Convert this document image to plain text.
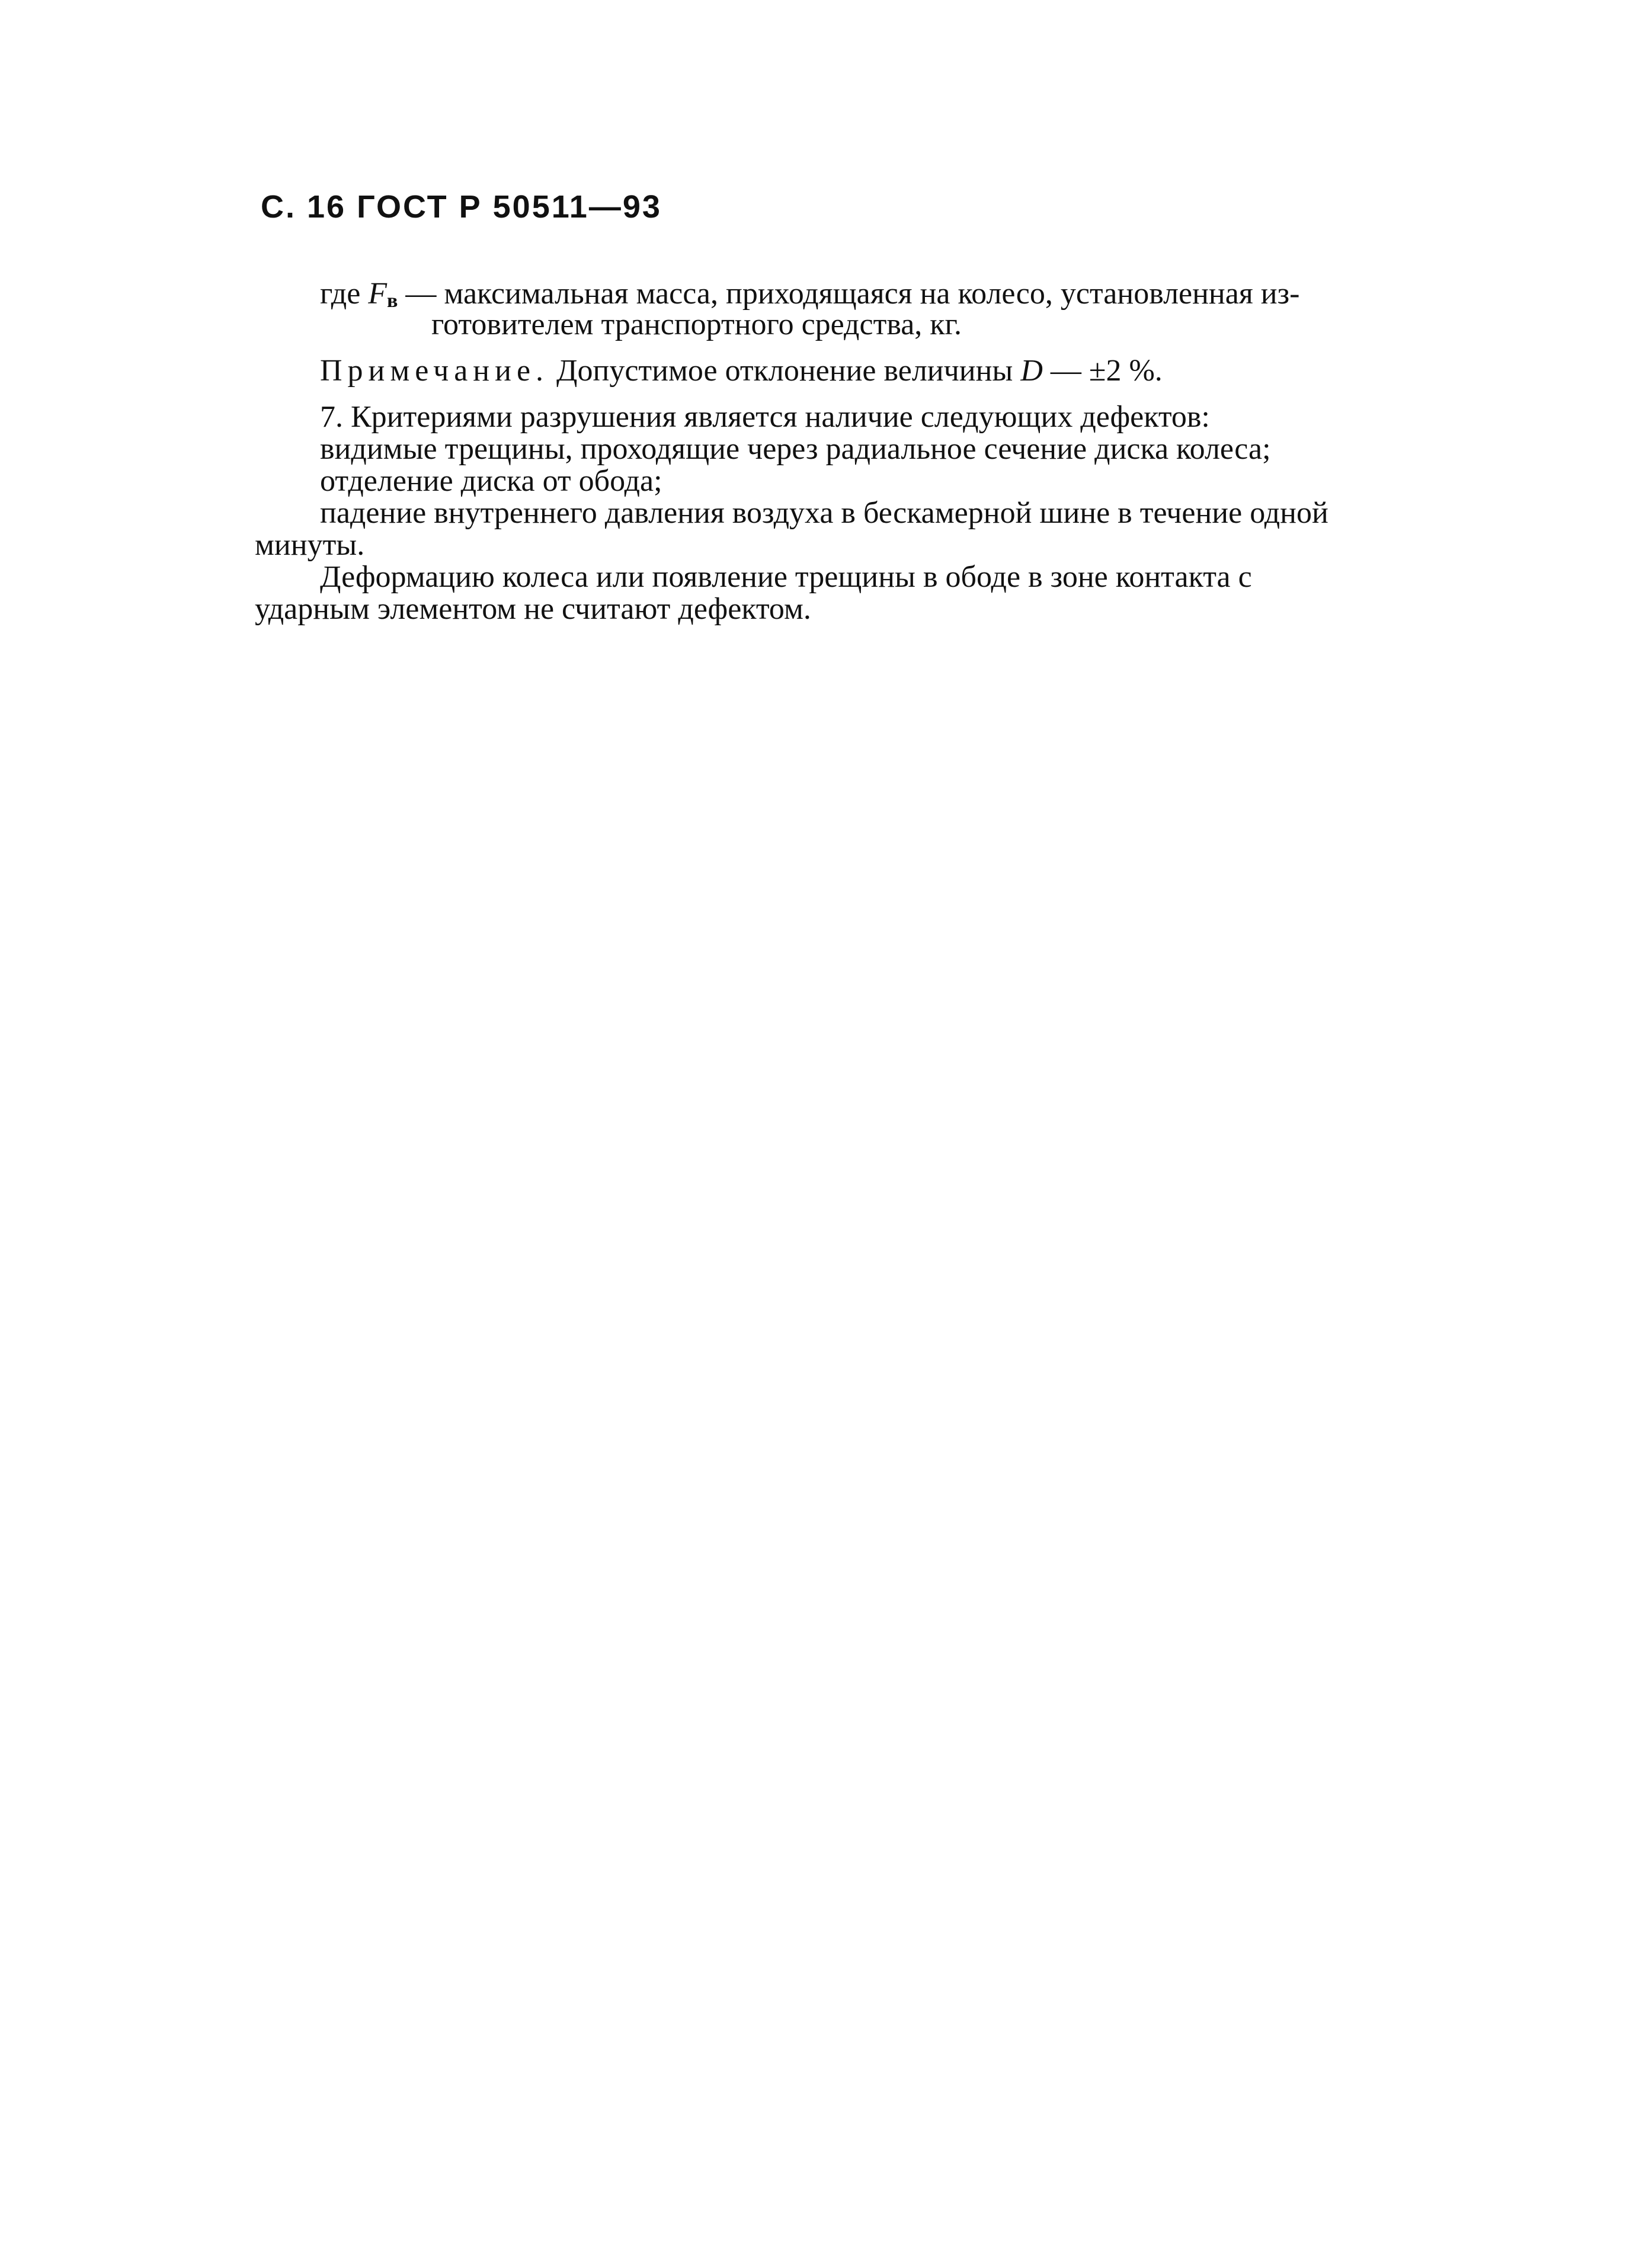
С. 16 ГОСТ Р 50511—93
где $F_в$ — максимальная масса, приходящаяся на колесо, установленная из-
готовителем транспортного средства, кг.
Примечание. Допустимое отклонение величины D — ±2 %.
7. Критериями разрушения является наличие следующих дефектов:
видимые трещины, проходящие через радиальное сечение диска колеса;
отделение диска от обода;
падение внутреннего давления воздуха в бескамерной шине в течение одной
минуты.
Деформацию колеса или появление трещины в ободе в зоне контакта с
ударным элементом не считают дефектом.
